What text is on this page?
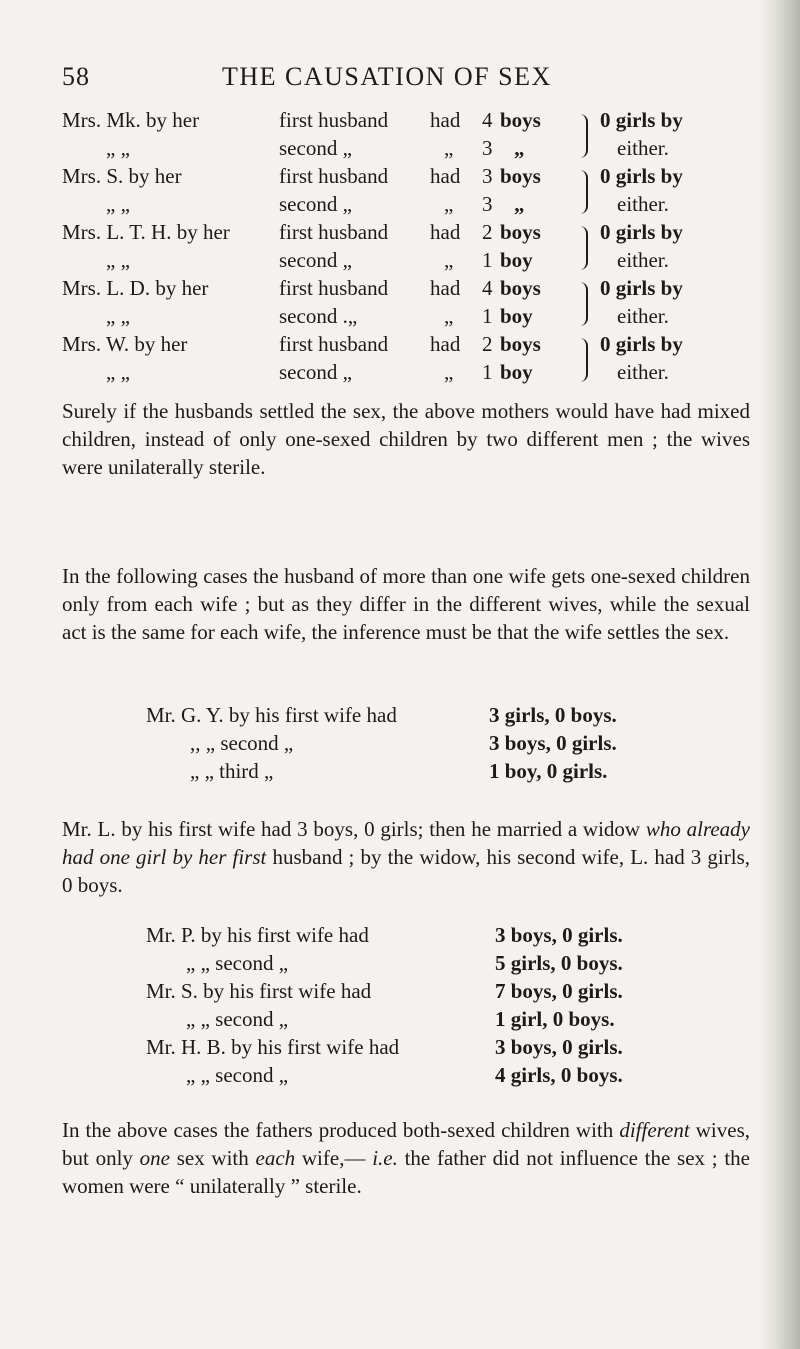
58	THE CAUSATION OF SEX
Mrs. Mk. by her	first husband had 4 boys	0 girls by
„ „	second „	„ 3 „	either.
Mrs. S. by her	first husband had 3 boys	0 girls by
„ „	second „	„ 3 „	either.
Mrs. L. T. H. by her first husband had 2 boys	0 girls by
„ „	second „	„ 1 boy	either.
Mrs. L. D. by her	first husband had 4 boys	0 girls by
„ „	second .„	„ 1 boy	either.
Mrs. W. by her	first husband had 2 boys	0 girls by
„ „	second „	„ 1 boy	either.

Surely if the husbands settled the sex, the above mothers would have had mixed children, instead of only one-sexed children by two different men ; the wives were unilaterally sterile.

In the following cases the husband of more than one wife gets one-sexed children only from each wife ; but as they differ in the different wives, while the sexual act is the same for each wife, the inference must be that the wife settles the sex.

Mr. G. Y. by his first wife had	3 girls, 0 boys.
,, „ second „	3 boys, 0 girls.
„ „ third „	1 boy, 0 girls.

Mr. L. by his first wife had 3 boys, 0 girls; then he married a widow who already had one girl by her first husband ; by the widow, his second wife, L. had 3 girls, 0 boys.

Mr. P. by his first wife had	3 boys, 0 girls.
„ „ second „	5 girls, 0 boys.
Mr. S. by his first wife had	7 boys, 0 girls.
„ „ second „	1 girl, 0 boys.
Mr. H. B. by his first wife had	3 boys, 0 girls.
„ „ second „	4 girls, 0 boys.

In the above cases the fathers produced both-sexed children with different wives, but only one sex with each wife,— i.e. the father did not influence the sex ; the women were “ unilaterally ” sterile.
